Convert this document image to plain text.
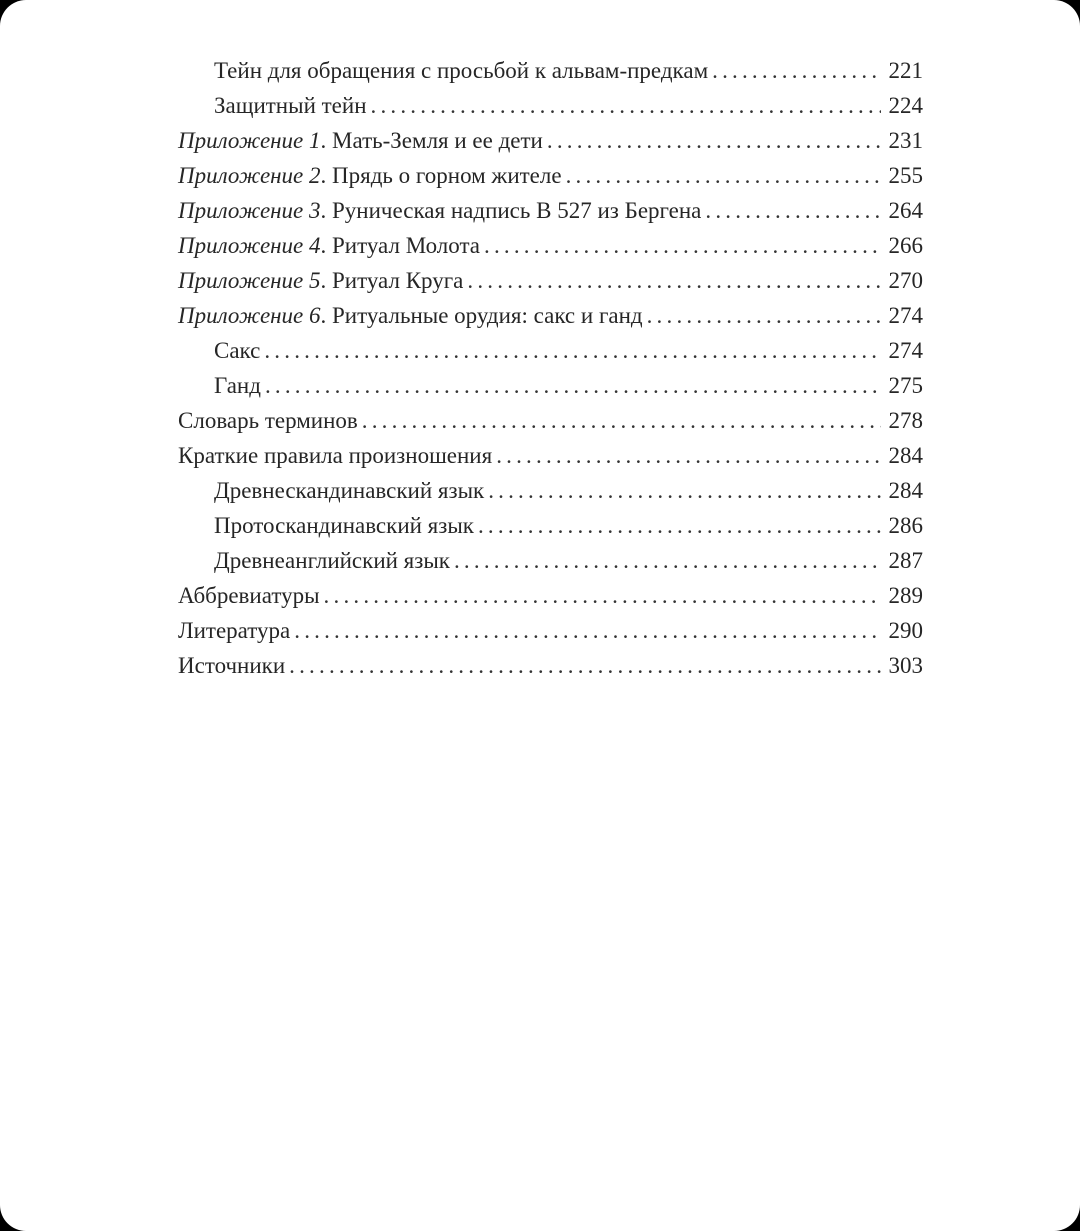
Тейн для обращения с просьбой к альвам-предкам .....	221
Защитный тейн .....	224
Приложение 1. Мать-Земля и ее дети .....	231
Приложение 2. Прядь о горном жителе .....	255
Приложение 3. Руническая надпись В 527 из Бергена .....	264
Приложение 4. Ритуал Молота .....	266
Приложение 5. Ритуал Круга .....	270
Приложение 6. Ритуальные орудия: сакс и ганд .....	274
Сакс .....	274
Ганд .....	275
Словарь терминов .....	278
Краткие правила произношения .....	284
Древнескандинавский язык .....	284
Протоскандинавский язык .....	286
Древнеанглийский язык .....	287
Аббревиатуры .....	289
Литература .....	290
Источники .....	303
